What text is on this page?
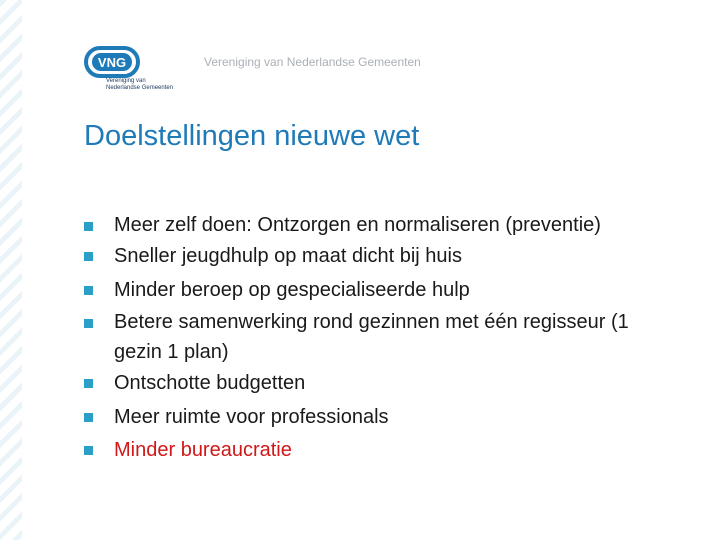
VNG
Vereniging van
Nederlandse Gemeenten
Vereniging van Nederlandse Gemeenten
Doelstellingen nieuwe wet
Meer zelf doen: Ontzorgen en normaliseren (preventie)
Sneller jeugdhulp op maat dicht bij huis
Minder beroep op gespecialiseerde hulp
Betere samenwerking rond gezinnen met één regisseur (1 gezin 1 plan)
Ontschotte budgetten
Meer ruimte voor professionals
Minder bureaucratie
